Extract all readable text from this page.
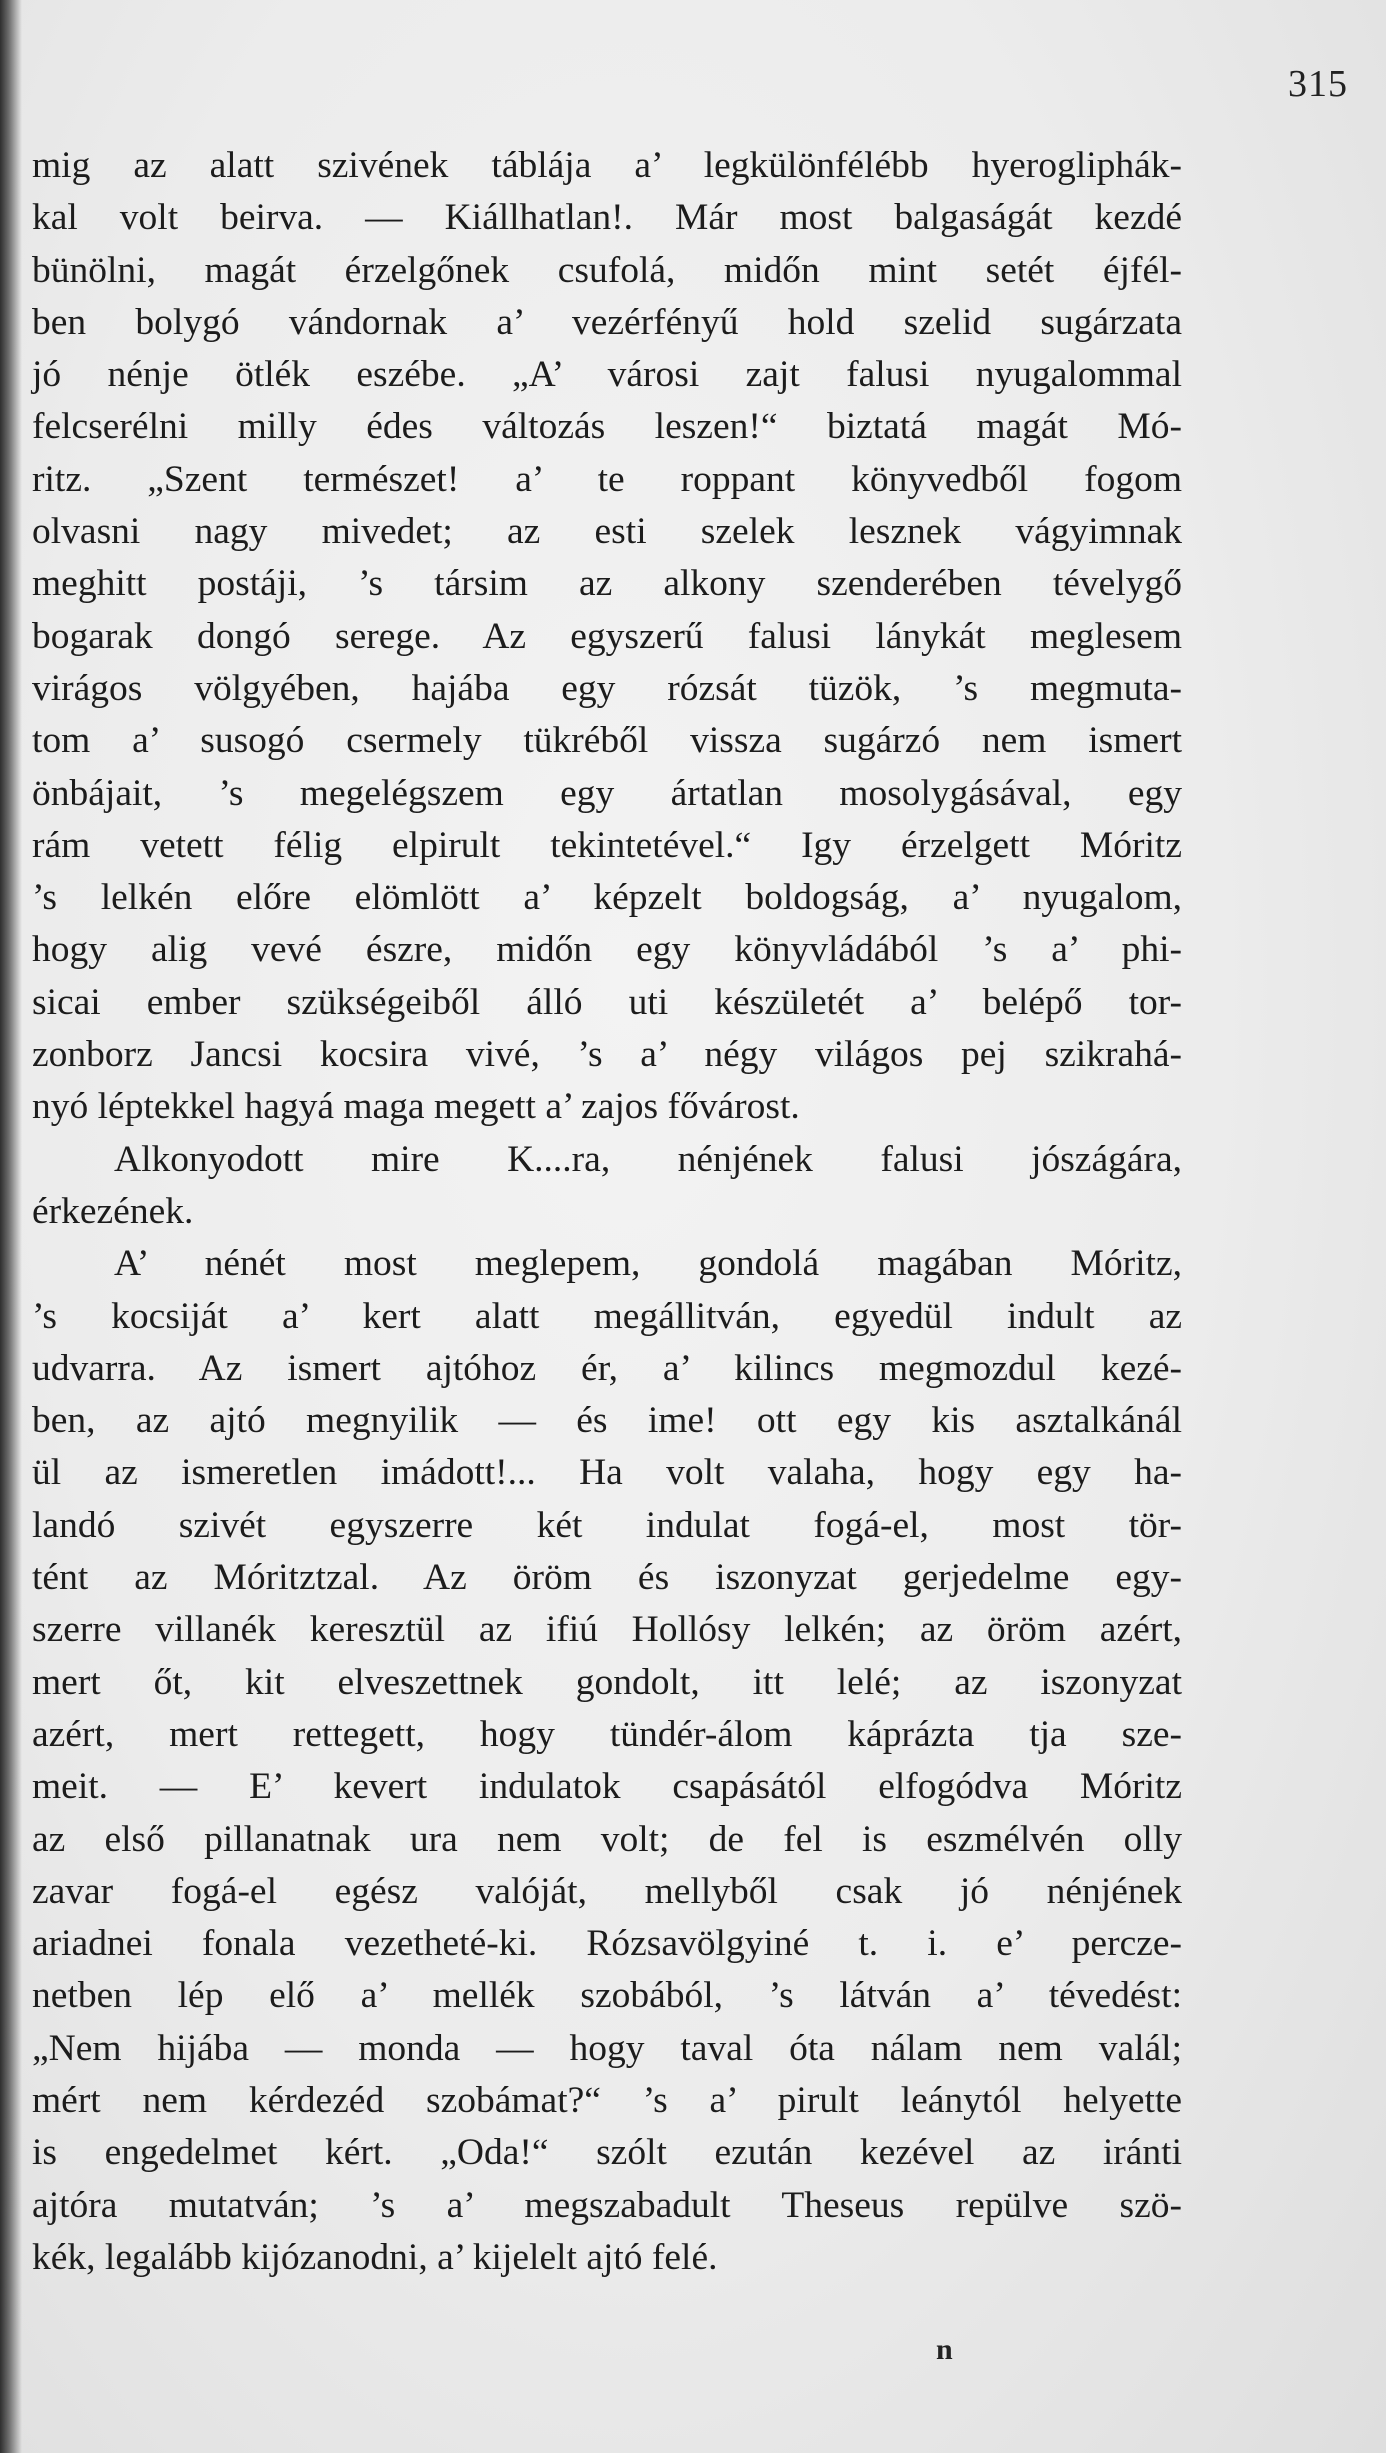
315
mig az alatt szivének táblája a’ legkülönfélébb hyerogliphák-
kal volt beirva. — Kiállhatlan!. Már most balgaságát kezdé
bünölni, magát érzelgőnek csufolá, midőn mint setét éjfél-
ben bolygó vándornak a’ vezérfényű hold szelid sugárzata
jó nénje ötlék eszébe. „A’ városi zajt falusi nyugalommal
felcserélni milly édes változás leszen!“ biztatá magát Mó-
ritz. „Szent természet! a’ te roppant könyvedből fogom
olvasni nagy mivedet; az esti szelek lesznek vágyimnak
meghitt postáji, ’s társim az alkony szenderében tévelygő
bogarak dongó serege. Az egyszerű falusi lánykát meglesem
virágos völgyében, hajába egy rózsát tüzök, ’s megmuta-
tom a’ susogó csermely tükréből vissza sugárzó nem ismert
önbájait, ’s megelégszem egy ártatlan mosolygásával, egy
rám vetett félig elpirult tekintetével.“ Igy érzelgett Móritz
’s lelkén előre elömlött a’ képzelt boldogság, a’ nyugalom,
hogy alig vevé észre, midőn egy könyvládából ’s a’ phi-
sicai ember szükségeiből álló uti készületét a’ belépő tor-
zonborz Jancsi kocsira vivé, ’s a’ négy világos pej szikrahá-
nyó léptekkel hagyá maga megett a’ zajos fővárost.
Alkonyodott mire K....ra, nénjének falusi jószágára,
érkezének.
A’ nénét most meglepem, gondolá magában Móritz,
’s kocsiját a’ kert alatt megállitván, egyedül indult az
udvarra. Az ismert ajtóhoz ér, a’ kilincs megmozdul kezé-
ben, az ajtó megnyilik — és ime! ott egy kis asztalkánál
ül az ismeretlen imádott!... Ha volt valaha, hogy egy ha-
landó szivét egyszerre két indulat fogá-el, most tör-
tént az Móritztzal. Az öröm és iszonyzat gerjedelme egy-
szerre villanék keresztül az ifiú Hollósy lelkén; az öröm azért,
mert őt, kit elveszettnek gondolt, itt lelé; az iszonyzat
azért, mert rettegett, hogy tündér-álom káprázta tja sze-
meit. — E’ kevert indulatok csapásától elfogódva Móritz
az első pillanatnak ura nem volt; de fel is eszmélvén olly
zavar fogá-el egész valóját, mellyből csak jó nénjének
ariadnei fonala vezetheté-ki. Rózsavölgyiné t. i. e’ percze-
netben lép elő a’ mellék szobából, ’s látván a’ tévedést:
„Nem hijába — monda — hogy taval óta nálam nem valál;
mért nem kérdezéd szobámat?“ ’s a’ pirult leánytól helyette
is engedelmet kért. „Oda!“ szólt ezután kezével az iránti
ajtóra mutatván; ’s a’ megszabadult Theseus repülve szö-
kék, legalább kijózanodni, a’ kijelelt ajtó felé.
n
